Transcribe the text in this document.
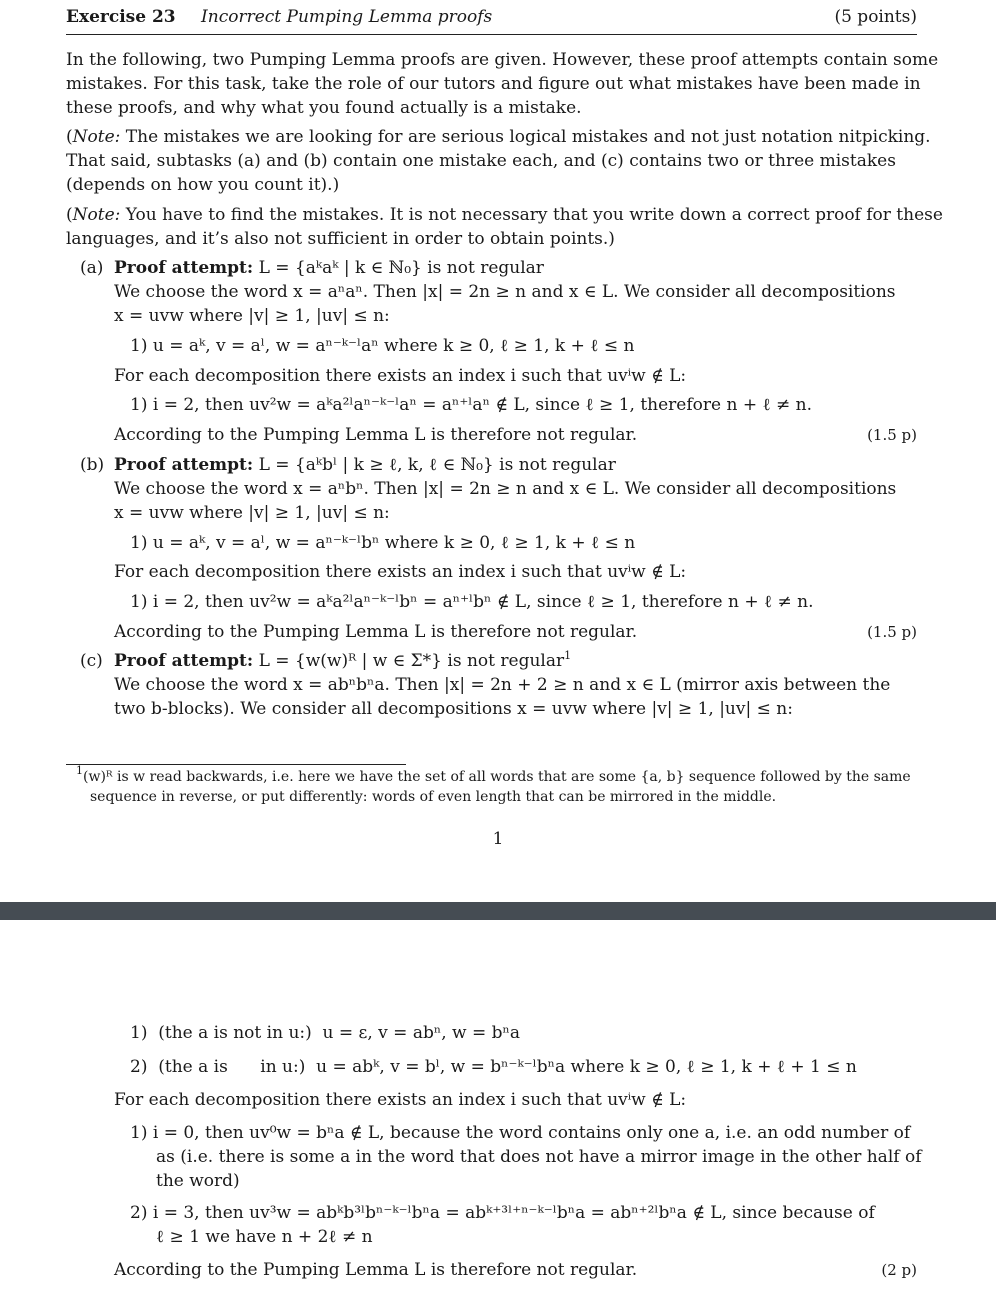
Exercise 23 Incorrect Pumping Lemma proofs	(5 points)
In the following, two Pumping Lemma proofs are given. However, these proof attempts contain some
mistakes. For this task, take the role of our tutors and figure out what mistakes have been made in
these proofs, and why what you found actually is a mistake.
(Note: The mistakes we are looking for are serious logical mistakes and not just notation nitpicking.
That said, subtasks (a) and (b) contain one mistake each, and (c) contains two or three mistakes
(depends on how you count it).)
(Note: You have to find the mistakes. It is not necessary that you write down a correct proof for these
languages, and it’s also not sufficient in order to obtain points.)
(a) Proof attempt: L = {aᵏaᵏ | k ∈ ℕ₀} is not regular
We choose the word x = aⁿaⁿ. Then |x| = 2n ≥ n and x ∈ L. We consider all decompositions
x = uvw where |v| ≥ 1, |uv| ≤ n:
1) u = aᵏ, v = aˡ, w = aⁿ⁻ᵏ⁻ˡaⁿ where k ≥ 0, ℓ ≥ 1, k + ℓ ≤ n
For each decomposition there exists an index i such that uvⁱw ∉ L:
1) i = 2, then uv²w = aᵏa²ˡaⁿ⁻ᵏ⁻ˡaⁿ = aⁿ⁺ˡaⁿ ∉ L, since ℓ ≥ 1, therefore n + ℓ ≠ n.
According to the Pumping Lemma L is therefore not regular.	(1.5 p)
(b) Proof attempt: L = {aᵏbˡ | k ≥ ℓ, k, ℓ ∈ ℕ₀} is not regular
We choose the word x = aⁿbⁿ. Then |x| = 2n ≥ n and x ∈ L. We consider all decompositions
x = uvw where |v| ≥ 1, |uv| ≤ n:
1) u = aᵏ, v = aˡ, w = aⁿ⁻ᵏ⁻ˡbⁿ where k ≥ 0, ℓ ≥ 1, k + ℓ ≤ n
For each decomposition there exists an index i such that uvⁱw ∉ L:
1) i = 2, then uv²w = aᵏa²ˡaⁿ⁻ᵏ⁻ˡbⁿ = aⁿ⁺ˡbⁿ ∉ L, since ℓ ≥ 1, therefore n + ℓ ≠ n.
According to the Pumping Lemma L is therefore not regular.	(1.5 p)
(c) Proof attempt: L = {w(w)ᴿ | w ∈ Σ*} is not regular$^1$
We choose the word x = abⁿbⁿa. Then |x| = 2n + 2 ≥ n and x ∈ L (mirror axis between the
two b-blocks). We consider all decompositions x = uvw where |v| ≥ 1, |uv| ≤ n:
$^1$(w)ᴿ is w read backwards, i.e. here we have the set of all words that are some {a, b} sequence followed by the same
sequence in reverse, or put differently: words of even length that can be mirrored in the middle.
1
1)  (the a is not in u:)  u = ε, v = abⁿ, w = bⁿa
2)  (the a is      in u:)  u = abᵏ, v = bˡ, w = bⁿ⁻ᵏ⁻ˡbⁿa where k ≥ 0, ℓ ≥ 1, k + ℓ + 1 ≤ n
For each decomposition there exists an index i such that uvⁱw ∉ L:
1) i = 0, then uv⁰w = bⁿa ∉ L, because the word contains only one a, i.e. an odd number of
as (i.e. there is some a in the word that does not have a mirror image in the other half of
the word)
2) i = 3, then uv³w = abᵏb³ˡbⁿ⁻ᵏ⁻ˡbⁿa = abᵏ⁺³ˡ⁺ⁿ⁻ᵏ⁻ˡbⁿa = abⁿ⁺²ˡbⁿa ∉ L, since because of
ℓ ≥ 1 we have n + 2ℓ ≠ n
According to the Pumping Lemma L is therefore not regular.	(2 p)
